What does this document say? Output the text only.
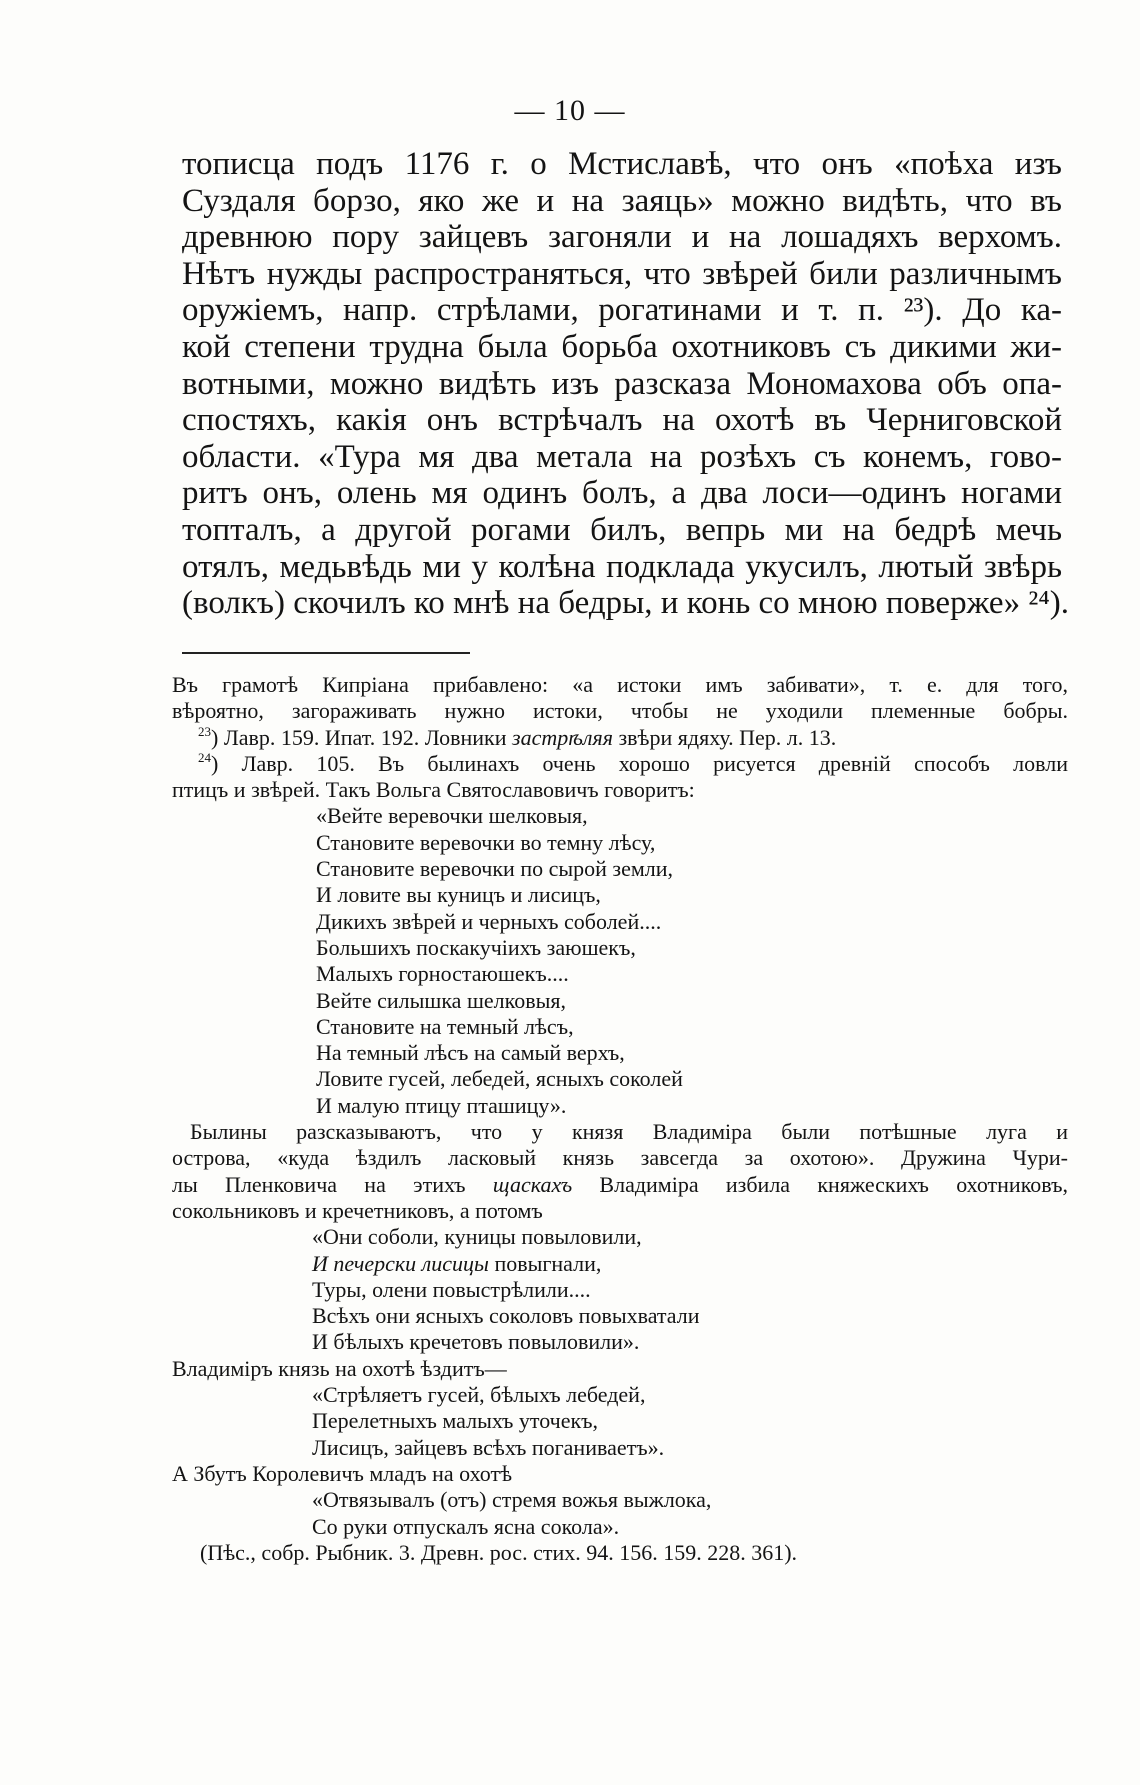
— 10 —
тописца подъ 1176 г. о Мстиславѣ, что онъ «поѣха изъ
Суздаля борзо, яко же и на заяць» можно видѣть, что въ
древнюю пору зайцевъ загоняли и на лошадяхъ верхомъ.
Нѣтъ нужды распространяться, что звѣрей били различнымъ
оружіемъ, напр. стрѣлами, рогатинами и т. п. ²³). До ка-
кой степени трудна была борьба охотниковъ съ дикими жи-
вотными, можно видѣть изъ разсказа Мономахова объ опа-
спостяхъ, какія онъ встрѣчалъ на охотѣ въ Черниговской
области. «Тура мя два метала на розѣхъ съ конемъ, гово-
ритъ онъ, олень мя одинъ болъ, а два лоси—одинъ ногами
топталъ, а другой рогами билъ, вепрь ми на бедрѣ мечь
отялъ, медьвѣдь ми у колѣна подклада укусилъ, лютый звѣрь
(волкъ) скочилъ ко мнѣ на бедры, и конь со мною поверже» ²⁴).
Въ грамотѣ Кипріана прибавлено: «а истоки имъ забивати», т. е. для того,
вѣроятно, загораживать нужно истоки, чтобы не уходили племенные бобры.
$^{23}$) Лавр. 159. Ипат. 192. Ловники застрѣляя звѣри ядяху. Пер. л. 13.
$^{24}$) Лавр. 105. Въ былинахъ очень хорошо рисуется древній способъ ловли
птицъ и звѣрей. Такъ Вольга Святославовичъ говоритъ:
«Вейте веревочки шелковыя,
Становите веревочки во темну лѣсу,
Становите веревочки по сырой земли,
И ловите вы куницъ и лисицъ,
Дикихъ звѣрей и черныхъ соболей....
Большихъ поскакучіихъ заюшекъ,
Малыхъ горностаюшекъ....
Вейте силышка шелковыя,
Становите на темный лѣсъ,
На темный лѣсъ на самый верхъ,
Ловите гусей, лебедей, ясныхъ соколей
И малую птицу пташицу».
Былины разсказываютъ, что у князя Владиміра были потѣшные луга и
острова, «куда ѣздилъ ласковый князь завсегда за охотою». Дружина Чури-
лы Пленковича на этихъ щаскахъ Владиміра избила княжескихъ охотниковъ,
сокольниковъ и кречетниковъ, а потомъ
«Они соболи, куницы повыловили,
И печерски лисицы повыгнали,
Туры, олени повыстрѣлили....
Всѣхъ они ясныхъ соколовъ повыхватали
И бѣлыхъ кречетовъ повыловили».
Владиміръ князь на охотѣ ѣздитъ—
«Стрѣляетъ гусей, бѣлыхъ лебедей,
Перелетныхъ малыхъ уточекъ,
Лисицъ, зайцевъ всѣхъ поганиваетъ».
А Збутъ Королевичъ младъ на охотѣ
«Отвязывалъ (отъ) стремя вожья выжлока,
Со руки отпускалъ ясна сокола».
(Пѣс., собр. Рыбник. 3. Древн. рос. стих. 94. 156. 159. 228. 361).
